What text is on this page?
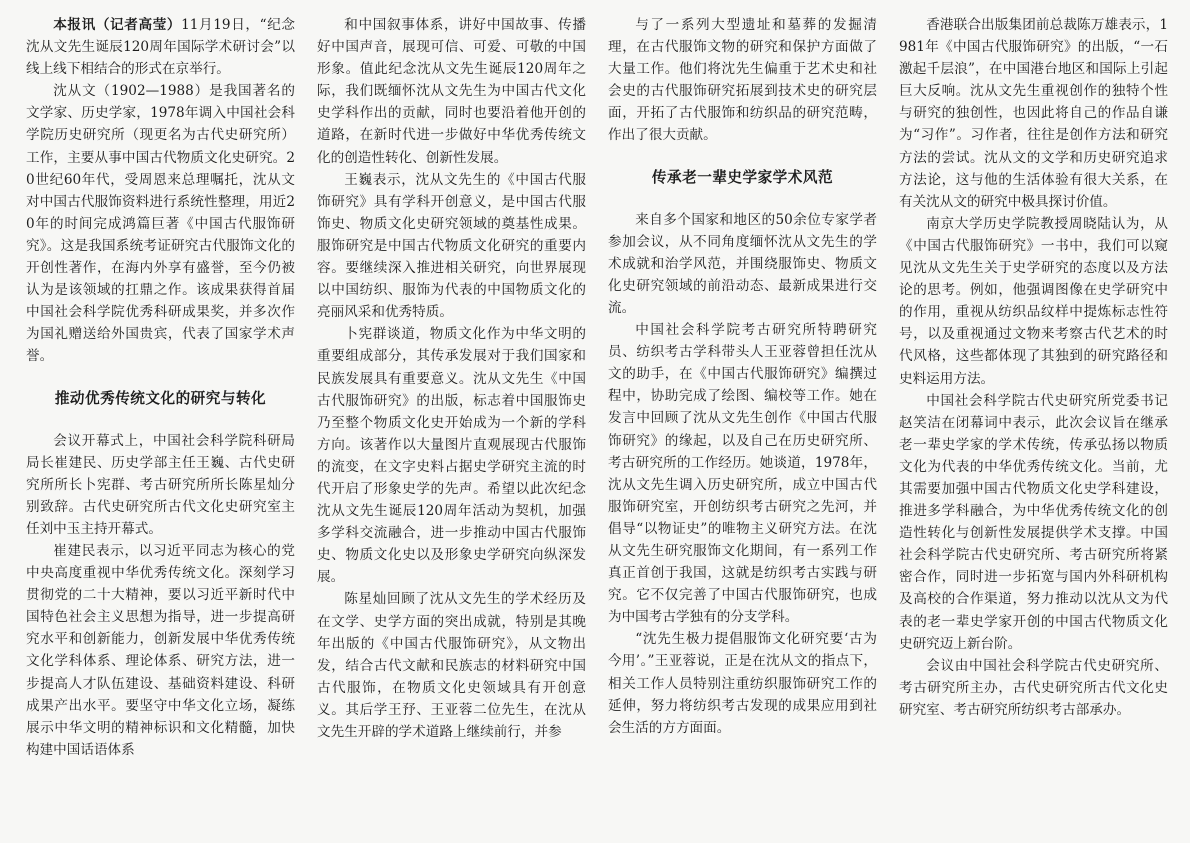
本报讯（记者高莹）11月19日，“纪念沈从文先生诞辰120周年国际学术研讨会”以线上线下相结合的形式在京举行。

沈从文（1902—1988）是我国著名的文学家、历史学家，1978年调入中国社会科学院历史研究所（现更名为古代史研究所）工作，主要从事中国古代物质文化史研究。20世纪60年代，受周恩来总理嘱托，沈从文对中国古代服饰资料进行系统性整理，用近20年的时间完成鸿篇巨著《中国古代服饰研究》。这是我国系统考证研究古代服饰文化的开创性著作，在海内外享有盛誉，至今仍被认为是该领域的扛鼎之作。该成果获得首届中国社会科学院优秀科研成果奖，并多次作为国礼赠送给外国贵宾，代表了国家学术声誉。

推动优秀传统文化的研究与转化

会议开幕式上，中国社会科学院科研局局长崔建民、历史学部主任王巍、古代史研究所所长卜宪群、考古研究所所长陈星灿分别致辞。古代史研究所古代文化史研究室主任刘中玉主持开幕式。

崔建民表示，以习近平同志为核心的党中央高度重视中华优秀传统文化。深刻学习贯彻党的二十大精神，要以习近平新时代中国特色社会主义思想为指导，进一步提高研究水平和创新能力，创新发展中华优秀传统文化学科体系、理论体系、研究方法，进一步提高人才队伍建设、基础资料建设、科研成果产出水平。要坚守中华文化立场，凝练展示中华文明的精神标识和文化精髓，加快构建中国话语体系

和中国叙事体系，讲好中国故事、传播好中国声音，展现可信、可爱、可敬的中国形象。值此纪念沈从文先生诞辰120周年之际，我们既缅怀沈从文先生为中国古代文化史学科作出的贡献，同时也要沿着他开创的道路，在新时代进一步做好中华优秀传统文化的创造性转化、创新性发展。

王巍表示，沈从文先生的《中国古代服饰研究》具有学科开创意义，是中国古代服饰史、物质文化史研究领域的奠基性成果。服饰研究是中国古代物质文化研究的重要内容。要继续深入推进相关研究，向世界展现以中国纺织、服饰为代表的中国物质文化的亮丽风采和优秀特质。

卜宪群谈道，物质文化作为中华文明的重要组成部分，其传承发展对于我们国家和民族发展具有重要意义。沈从文先生《中国古代服饰研究》的出版，标志着中国服饰史乃至整个物质文化史开始成为一个新的学科方向。该著作以大量图片直观展现古代服饰的流变，在文字史料占据史学研究主流的时代开启了形象史学的先声。希望以此次纪念沈从文先生诞辰120周年活动为契机，加强多学科交流融合，进一步推动中国古代服饰史、物质文化史以及形象史学研究向纵深发展。

陈星灿回顾了沈从文先生的学术经历及在文学、史学方面的突出成就，特别是其晚年出版的《中国古代服饰研究》，从文物出发，结合古代文献和民族志的材料研究中国古代服饰，在物质文化史领域具有开创意义。其后学王㐨、王亚蓉二位先生，在沈从文先生开辟的学术道路上继续前行，并参

与了一系列大型遗址和墓葬的发掘清理，在古代服饰文物的研究和保护方面做了大量工作。他们将沈先生偏重于艺术史和社会史的古代服饰研究拓展到技术史的研究层面，开拓了古代服饰和纺织品的研究范畴，作出了很大贡献。

传承老一辈史学家学术风范

来自多个国家和地区的50余位专家学者参加会议，从不同角度缅怀沈从文先生的学术成就和治学风范，并围绕服饰史、物质文化史研究领域的前沿动态、最新成果进行交流。

中国社会科学院考古研究所特聘研究员、纺织考古学科带头人王亚蓉曾担任沈从文的助手，在《中国古代服饰研究》编撰过程中，协助完成了绘图、编校等工作。她在发言中回顾了沈从文先生创作《中国古代服饰研究》的缘起，以及自己在历史研究所、考古研究所的工作经历。她谈道，1978年，沈从文先生调入历史研究所，成立中国古代服饰研究室，开创纺织考古研究之先河，并倡导“以物证史”的唯物主义研究方法。在沈从文先生研究服饰文化期间，有一系列工作真正首创于我国，这就是纺织考古实践与研究。它不仅完善了中国古代服饰研究，也成为中国考古学独有的分支学科。

“沈先生极力提倡服饰文化研究要‘古为今用’。”王亚蓉说，正是在沈从文的指点下，相关工作人员特别注重纺织服饰研究工作的延伸，努力将纺织考古发现的成果应用到社会生活的方方面面。

香港联合出版集团前总裁陈万雄表示，1981年《中国古代服饰研究》的出版，“一石激起千层浪”，在中国港台地区和国际上引起巨大反响。沈从文先生重视创作的独特个性与研究的独创性，也因此将自己的作品自谦为“习作”。习作者，往往是创作方法和研究方法的尝试。沈从文的文学和历史研究追求方法论，这与他的生活体验有很大关系，在有关沈从文的研究中极具探讨价值。

南京大学历史学院教授周晓陆认为，从《中国古代服饰研究》一书中，我们可以窥见沈从文先生关于史学研究的态度以及方法论的思考。例如，他强调图像在史学研究中的作用，重视从纺织品纹样中提炼标志性符号，以及重视通过文物来考察古代艺术的时代风格，这些都体现了其独到的研究路径和史料运用方法。

中国社会科学院古代史研究所党委书记赵笑洁在闭幕词中表示，此次会议旨在继承老一辈史学家的学术传统，传承弘扬以物质文化为代表的中华优秀传统文化。当前，尤其需要加强中国古代物质文化史学科建设，推进多学科融合，为中华优秀传统文化的创造性转化与创新性发展提供学术支撑。中国社会科学院古代史研究所、考古研究所将紧密合作，同时进一步拓宽与国内外科研机构及高校的合作渠道，努力推动以沈从文为代表的老一辈史学家开创的中国古代物质文化史研究迈上新台阶。

会议由中国社会科学院古代史研究所、考古研究所主办，古代史研究所古代文化史研究室、考古研究所纺织考古部承办。
